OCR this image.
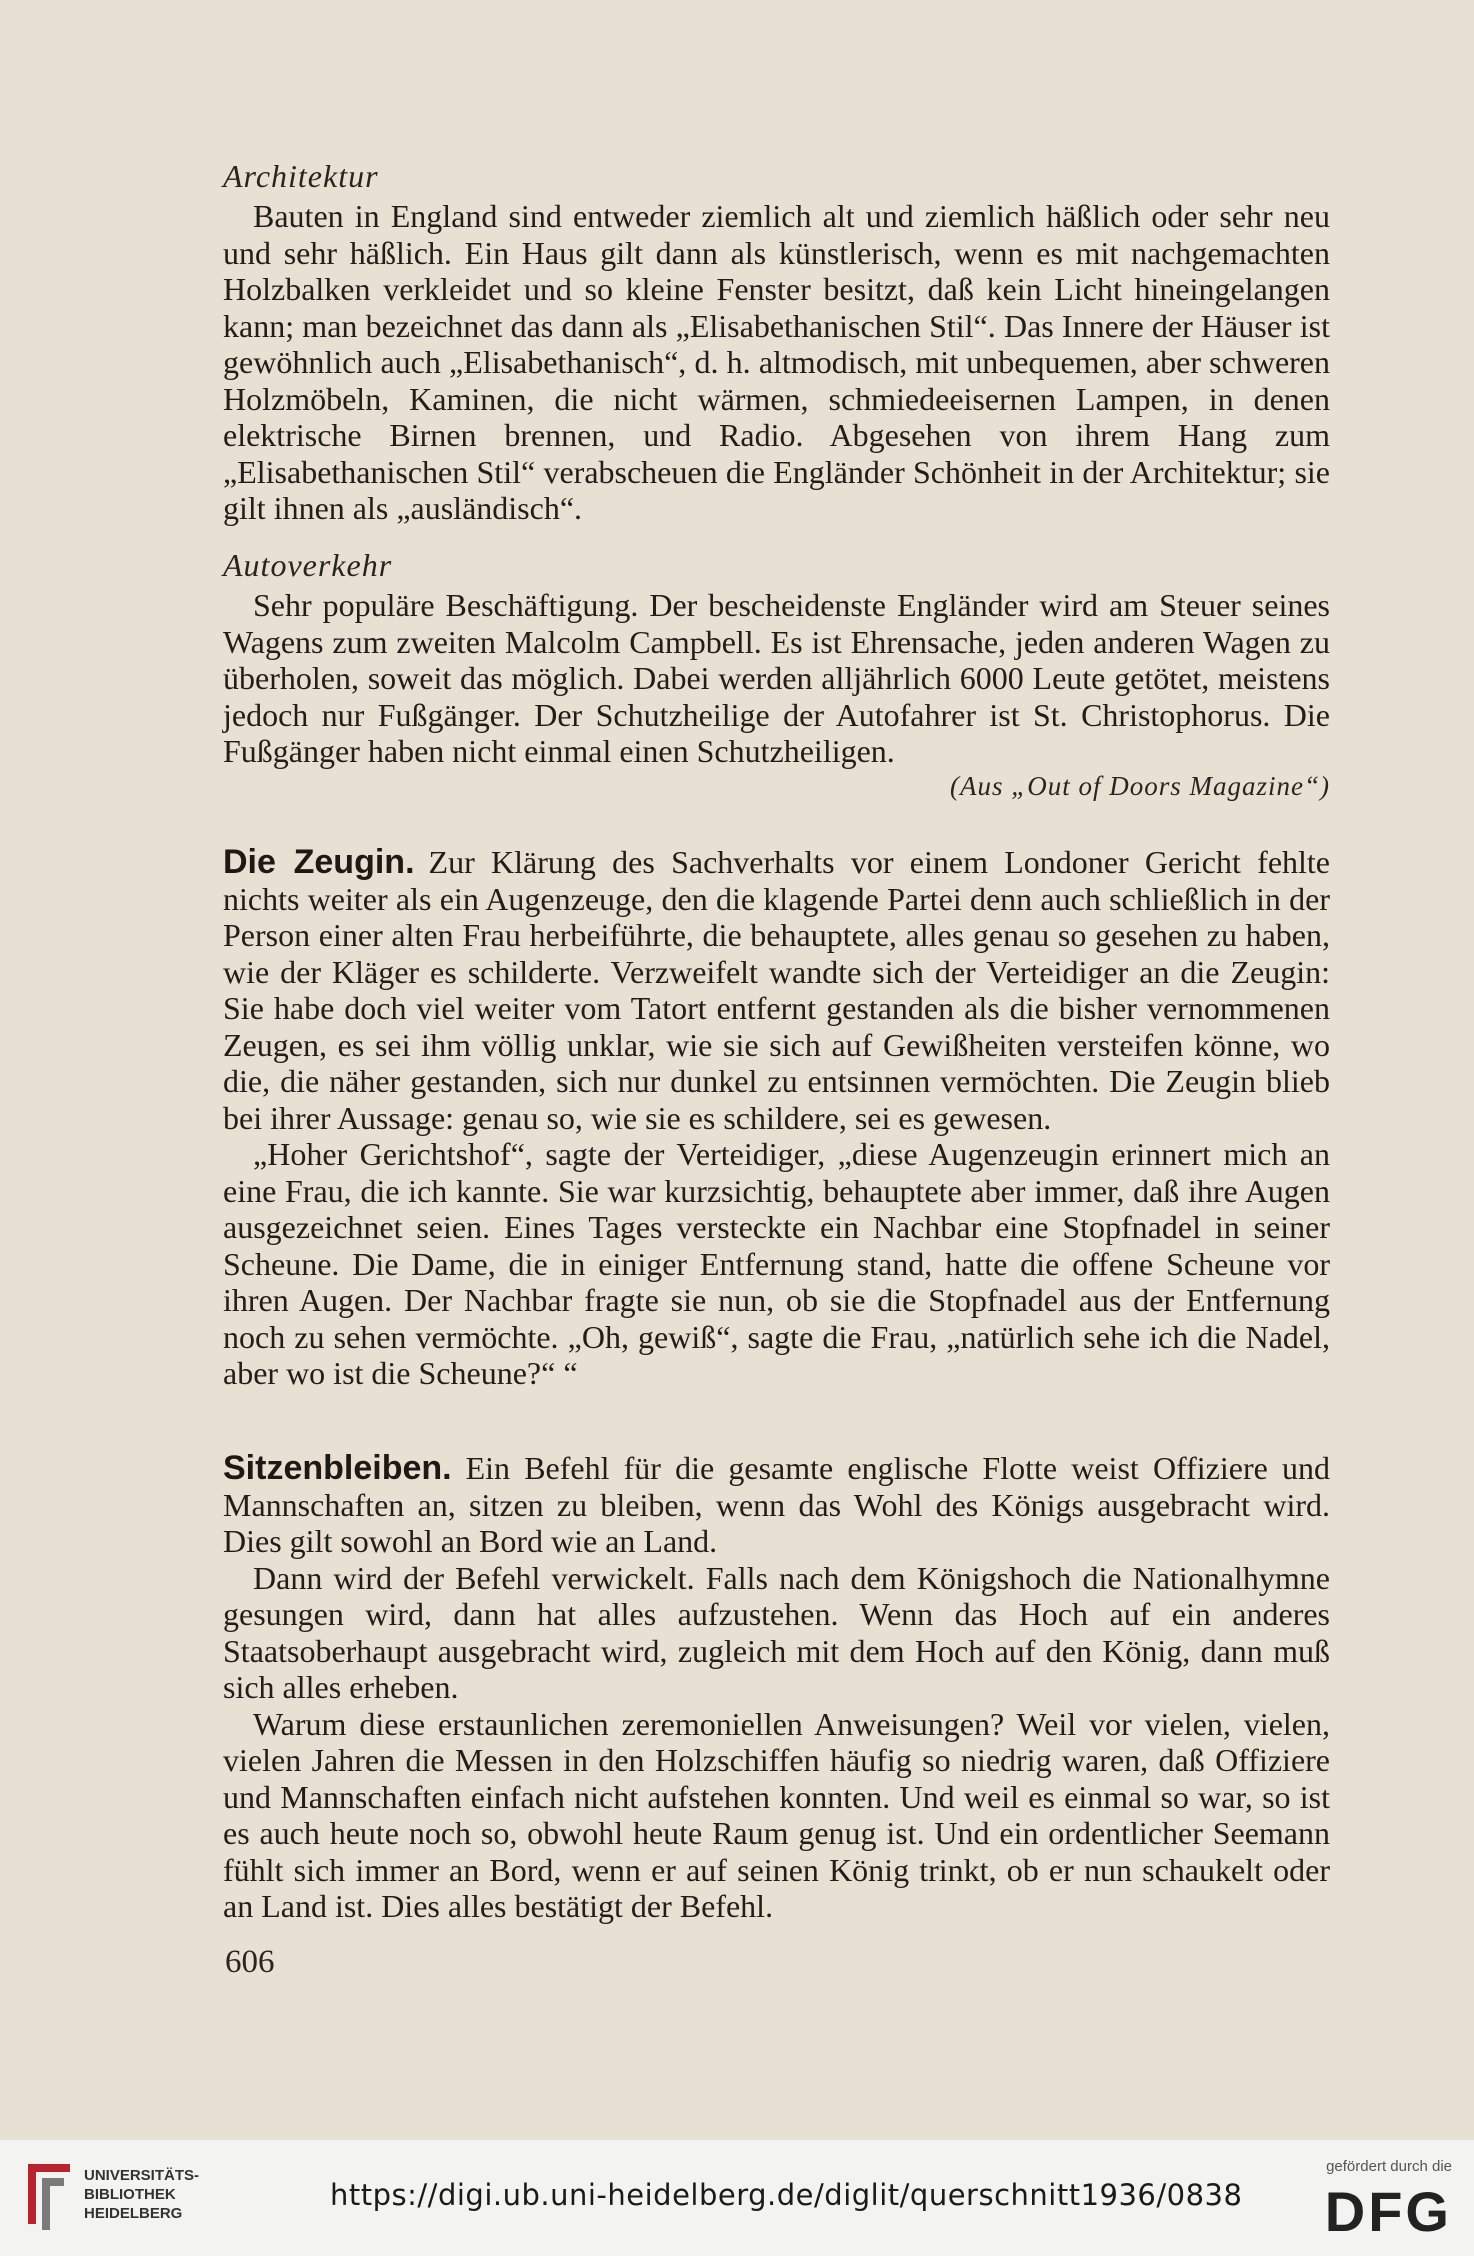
Architektur

Bauten in England sind entweder ziemlich alt und ziemlich häßlich oder sehr neu und sehr häßlich. Ein Haus gilt dann als künstlerisch, wenn es mit nachgemachten Holzbalken verkleidet und so kleine Fenster besitzt, daß kein Licht hineingelangen kann; man bezeichnet das dann als „Elisabethanischen Stil“. Das Innere der Häuser ist gewöhnlich auch „Elisabethanisch“, d. h. altmodisch, mit unbequemen, aber schweren Holzmöbeln, Kaminen, die nicht wärmen, schmiedeeisernen Lampen, in denen elektrische Birnen brennen, und Radio. Abgesehen von ihrem Hang zum „Elisabethanischen Stil“ verabscheuen die Engländer Schönheit in der Architektur; sie gilt ihnen als „ausländisch“.

Autoverkehr

Sehr populäre Beschäftigung. Der bescheidenste Engländer wird am Steuer seines Wagens zum zweiten Malcolm Campbell. Es ist Ehrensache, jeden anderen Wagen zu überholen, soweit das möglich. Dabei werden alljährlich 6000 Leute getötet, meistens jedoch nur Fußgänger. Der Schutzheilige der Autofahrer ist St. Christophorus. Die Fußgänger haben nicht einmal einen Schutzheiligen.

(Aus „Out of Doors Magazine“)

Die Zeugin. Zur Klärung des Sachverhalts vor einem Londoner Gericht fehlte nichts weiter als ein Augenzeuge, den die klagende Partei denn auch schließlich in der Person einer alten Frau herbeiführte, die behauptete, alles genau so gesehen zu haben, wie der Kläger es schilderte. Verzweifelt wandte sich der Verteidiger an die Zeugin: Sie habe doch viel weiter vom Tatort entfernt gestanden als die bisher vernommenen Zeugen, es sei ihm völlig unklar, wie sie sich auf Gewißheiten versteifen könne, wo die, die näher gestanden, sich nur dunkel zu entsinnen vermöchten. Die Zeugin blieb bei ihrer Aussage: genau so, wie sie es schildere, sei es gewesen.

„Hoher Gerichtshof“, sagte der Verteidiger, „diese Augenzeugin erinnert mich an eine Frau, die ich kannte. Sie war kurzsichtig, behauptete aber immer, daß ihre Augen ausgezeichnet seien. Eines Tages versteckte ein Nachbar eine Stopfnadel in seiner Scheune. Die Dame, die in einiger Entfernung stand, hatte die offene Scheune vor ihren Augen. Der Nachbar fragte sie nun, ob sie die Stopfnadel aus der Entfernung noch zu sehen vermöchte. „Oh, gewiß“, sagte die Frau, „natürlich sehe ich die Nadel, aber wo ist die Scheune?“ “

Sitzenbleiben. Ein Befehl für die gesamte englische Flotte weist Offiziere und Mannschaften an, sitzen zu bleiben, wenn das Wohl des Königs ausgebracht wird. Dies gilt sowohl an Bord wie an Land.

Dann wird der Befehl verwickelt. Falls nach dem Königshoch die Nationalhymne gesungen wird, dann hat alles aufzustehen. Wenn das Hoch auf ein anderes Staatsoberhaupt ausgebracht wird, zugleich mit dem Hoch auf den König, dann muß sich alles erheben.

Warum diese erstaunlichen zeremoniellen Anweisungen? Weil vor vielen, vielen, vielen Jahren die Messen in den Holzschiffen häufig so niedrig waren, daß Offiziere und Mannschaften einfach nicht aufstehen konnten. Und weil es einmal so war, so ist es auch heute noch so, obwohl heute Raum genug ist. Und ein ordentlicher Seemann fühlt sich immer an Bord, wenn er auf seinen König trinkt, ob er nun schaukelt oder an Land ist. Dies alles bestätigt der Befehl.

606
UNIVERSITÄTS-
BIBLIOTHEK
HEIDELBERG
https://digi.ub.uni-heidelberg.de/diglit/querschnitt1936/0838
gefördert durch die
DFG
